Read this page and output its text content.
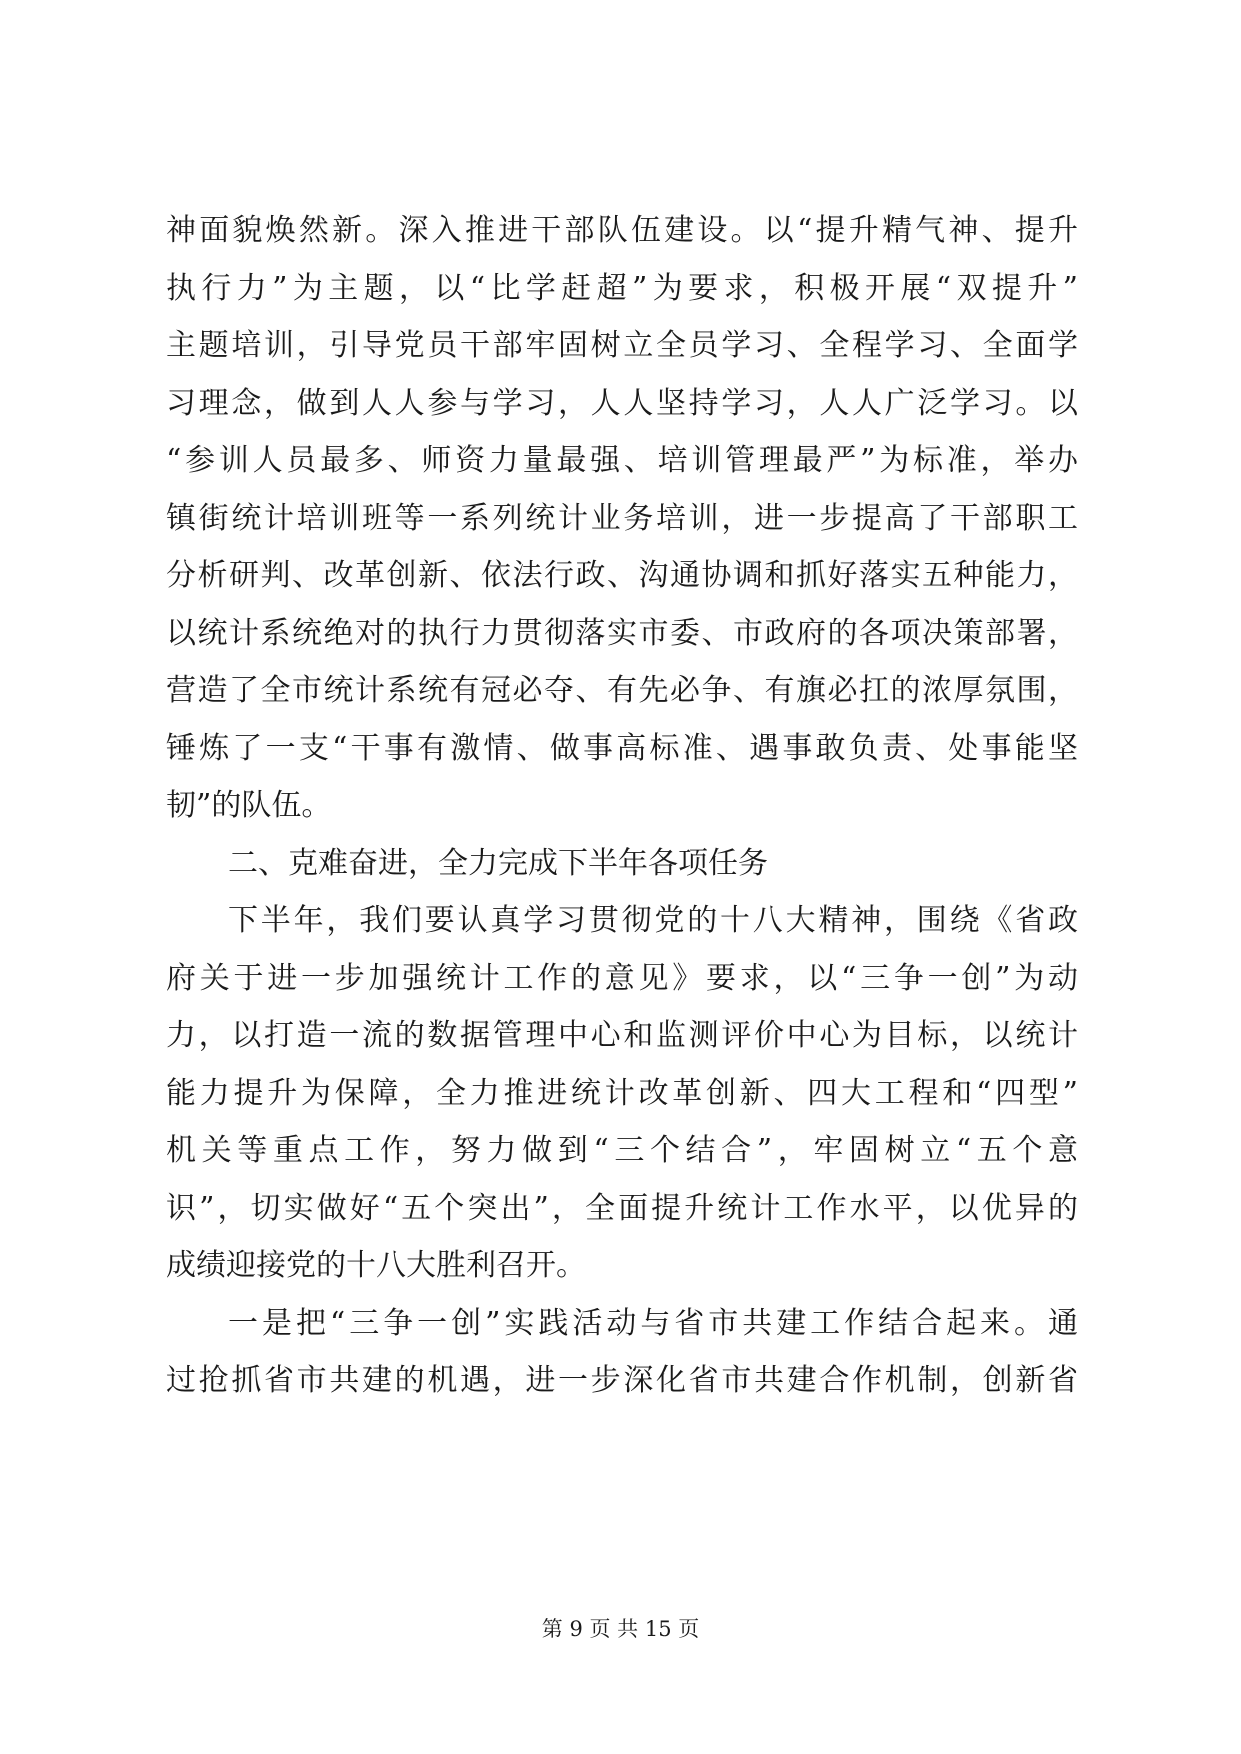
神面貌焕然新。深入推进干部队伍建设。以“提升精气神、提升
执行力”为主题，以“比学赶超”为要求，积极开展“双提升”
主题培训，引导党员干部牢固树立全员学习、全程学习、全面学
习理念，做到人人参与学习，人人坚持学习，人人广泛学习。以
“参训人员最多、师资力量最强、培训管理最严”为标准，举办
镇街统计培训班等一系列统计业务培训，进一步提高了干部职工
分析研判、改革创新、依法行政、沟通协调和抓好落实五种能力，
以统计系统绝对的执行力贯彻落实市委、市政府的各项决策部署，
营造了全市统计系统有冠必夺、有先必争、有旗必扛的浓厚氛围，
锤炼了一支“干事有激情、做事高标准、遇事敢负责、处事能坚
韧”的队伍。
二、克难奋进，全力完成下半年各项任务
下半年，我们要认真学习贯彻党的十八大精神，围绕《省政
府关于进一步加强统计工作的意见》要求，以“三争一创”为动
力，以打造一流的数据管理中心和监测评价中心为目标，以统计
能力提升为保障，全力推进统计改革创新、四大工程和“四型”
机关等重点工作，努力做到“三个结合”，牢固树立“五个意
识”，切实做好“五个突出”，全面提升统计工作水平，以优异的
成绩迎接党的十八大胜利召开。
一是把“三争一创”实践活动与省市共建工作结合起来。通
过抢抓省市共建的机遇，进一步深化省市共建合作机制，创新省
第 9 页 共 15 页
